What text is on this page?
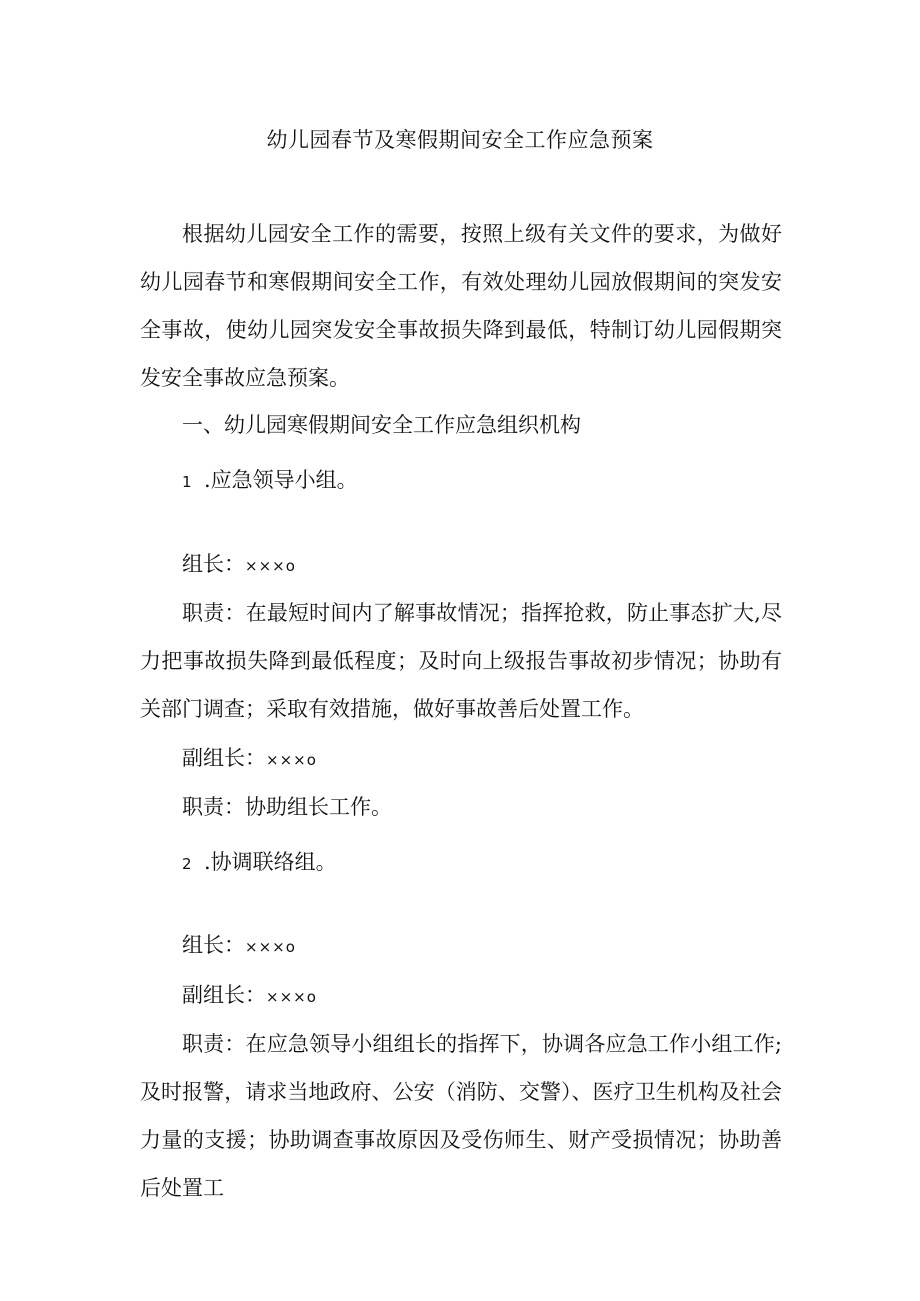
幼儿园春节及寒假期间安全工作应急预案

根据幼儿园安全工作的需要，按照上级有关文件的要求，为做好幼儿园春节和寒假期间安全工作，有效处理幼儿园放假期间的突发安全事故，使幼儿园突发安全事故损失降到最低，特制订幼儿园假期突发安全事故应急预案。

一、幼儿园寒假期间安全工作应急组织机构

1 .应急领导小组。

组长：×××o

职责：在最短时间内了解事故情况；指挥抢救，防止事态扩大,尽力把事故损失降到最低程度；及时向上级报告事故初步情况；协助有关部门调查；采取有效措施，做好事故善后处置工作。

副组长：×××o

职责：协助组长工作。

2 .协调联络组。

组长：×××o

副组长：×××o

职责：在应急领导小组组长的指挥下，协调各应急工作小组工作;及时报警，请求当地政府、公安（消防、交警）、医疗卫生机构及社会力量的支援；协助调查事故原因及受伤师生、财产受损情况；协助善后处置工
